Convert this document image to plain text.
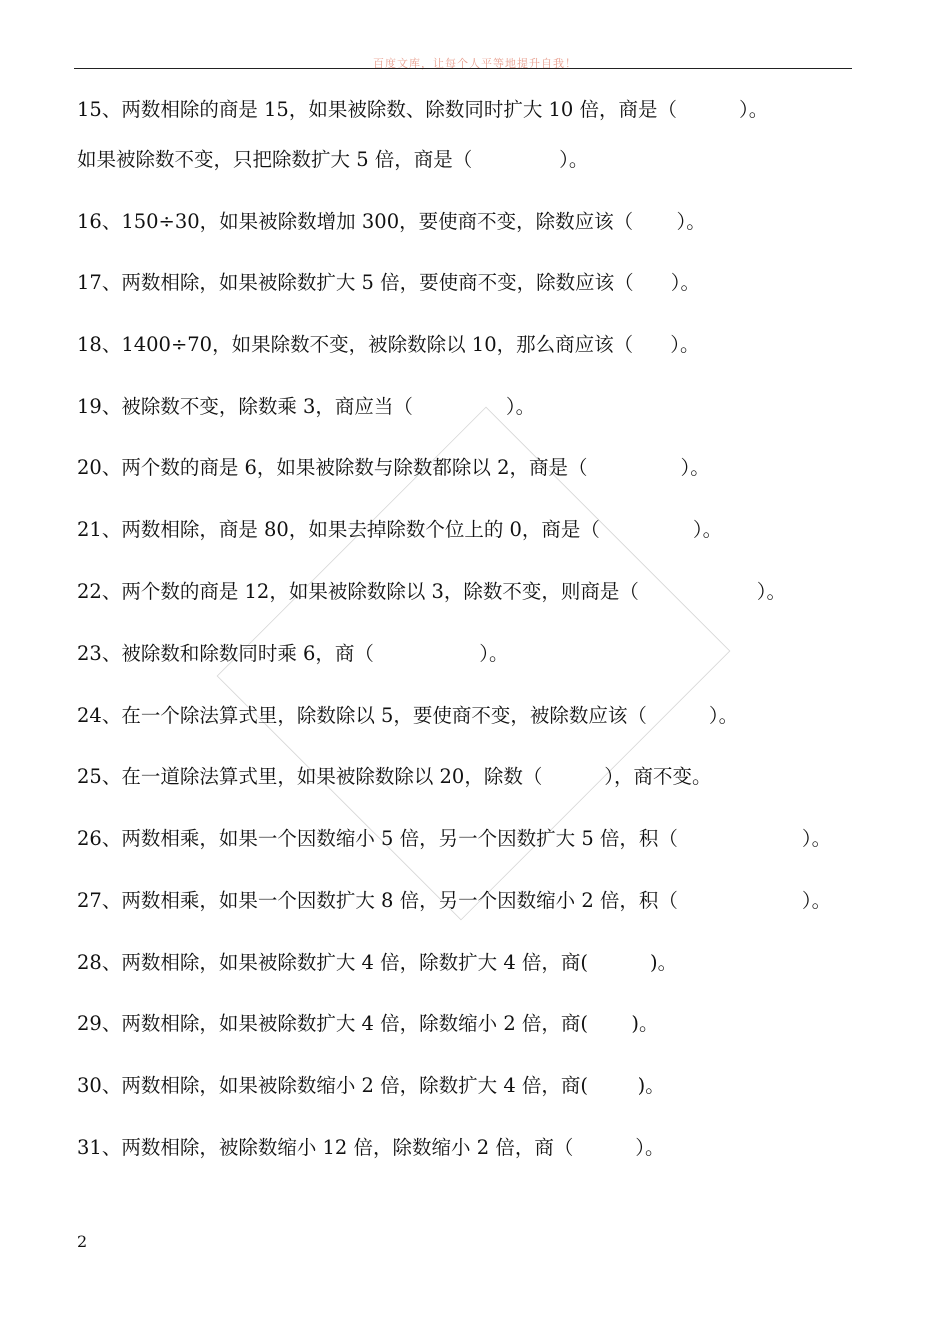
百度文库，让每个人平等地提升自我！
15、两数相除的商是 15，如果被除数、除数同时扩大 10 倍，商是（          ）。
如果被除数不变，只把除数扩大 5 倍，商是（              ）。
16、150÷30，如果被除数增加 300，要使商不变，除数应该（       ）。
17、两数相除，如果被除数扩大 5 倍，要使商不变，除数应该（      ）。
18、1400÷70，如果除数不变，被除数除以 10，那么商应该（      ）。
19、被除数不变，除数乘 3，商应当（               ）。
20、两个数的商是 6，如果被除数与除数都除以 2，商是（               ）。
21、两数相除，商是 80，如果去掉除数个位上的 0，商是（               ）。
22、两个数的商是 12，如果被除数除以 3，除数不变，则商是（                   ）。
23、被除数和除数同时乘 6，商（                 ）。
24、在一个除法算式里，除数除以 5，要使商不变，被除数应该（          ）。
25、在一道除法算式里，如果被除数除以 20，除数（          ），商不变。
26、两数相乘，如果一个因数缩小 5 倍，另一个因数扩大 5 倍，积（                    ）。
27、两数相乘，如果一个因数扩大 8 倍，另一个因数缩小 2 倍，积（                    ）。
28、两数相除，如果被除数扩大 4 倍，除数扩大 4 倍，商(          )。
29、两数相除，如果被除数扩大 4 倍，除数缩小 2 倍，商(       )。
30、两数相除，如果被除数缩小 2 倍，除数扩大 4 倍，商(        )。
31、两数相除，被除数缩小 12 倍，除数缩小 2 倍，商（          ）。
2
